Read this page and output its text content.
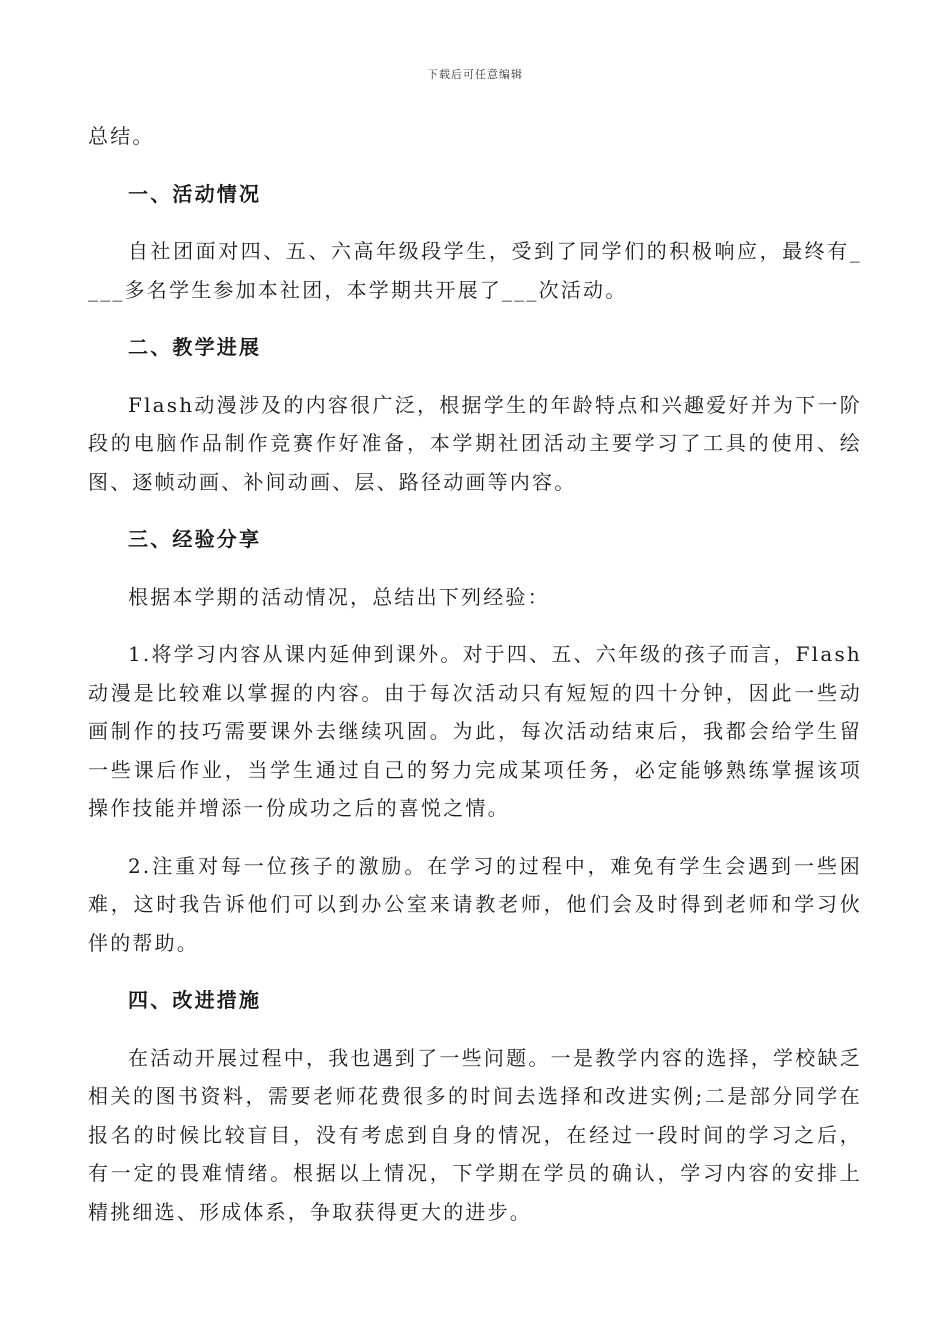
下载后可任意编辑

总结。

一、活动情况

自社团面对四、五、六高年级段学生，受到了同学们的积极响应，最终有____多名学生参加本社团，本学期共开展了___次活动。

二、教学进展

Flash动漫涉及的内容很广泛，根据学生的年龄特点和兴趣爱好并为下一阶段的电脑作品制作竞赛作好准备，本学期社团活动主要学习了工具的使用、绘图、逐帧动画、补间动画、层、路径动画等内容。

三、经验分享

根据本学期的活动情况，总结出下列经验：

1.将学习内容从课内延伸到课外。对于四、五、六年级的孩子而言，Flash动漫是比较难以掌握的内容。由于每次活动只有短短的四十分钟，因此一些动画制作的技巧需要课外去继续巩固。为此，每次活动结束后，我都会给学生留一些课后作业，当学生通过自己的努力完成某项任务，必定能够熟练掌握该项操作技能并增添一份成功之后的喜悦之情。

2.注重对每一位孩子的激励。在学习的过程中，难免有学生会遇到一些困难，这时我告诉他们可以到办公室来请教老师，他们会及时得到老师和学习伙伴的帮助。

四、改进措施

在活动开展过程中，我也遇到了一些问题。一是教学内容的选择，学校缺乏相关的图书资料，需要老师花费很多的时间去选择和改进实例;二是部分同学在报名的时候比较盲目，没有考虑到自身的情况，在经过一段时间的学习之后，有一定的畏难情绪。根据以上情况，下学期在学员的确认，学习内容的安排上精挑细选、形成体系，争取获得更大的进步。
